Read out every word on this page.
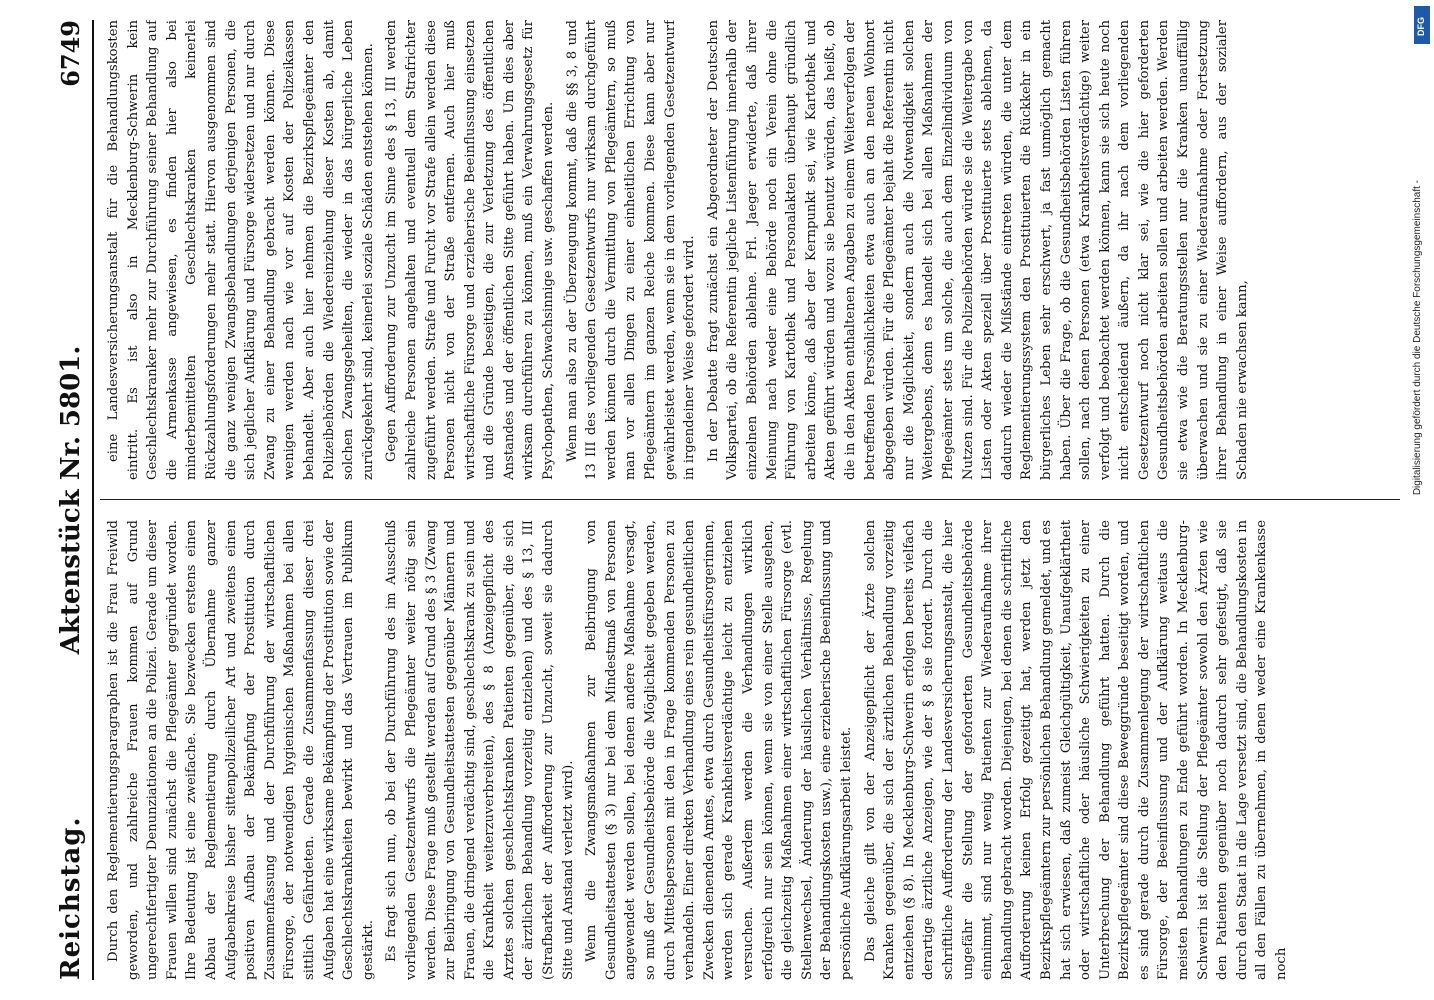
Reichstag.
Aktenstück Nr. 5801.
6749

Durch den Reglementierungsparagraphen ist die Frau Freiwild geworden, und zahlreiche Frauen kommen auf Grund ungerechtfertigter Denunziationen an die Polizei. Gerade um dieser Frauen willen sind zunächst die Pflegeämter gegründet worden. Ihre Bedeutung ist eine zweifache. Sie bezwecken erstens einen Abbau der Reglementierung durch Übernahme ganzer Aufgabenkreise bisher sittenpolizeilicher Art und zweitens einen positiven Aufbau der Bekämpfung der Prostitution durch Zusammenfassung und der Durchführung der wirtschaftlichen Fürsorge, der notwendigen hygienischen Maßnahmen bei allen sittlich Gefährdeten. Gerade die Zusammenfassung dieser drei Aufgaben hat eine wirksame Bekämpfung der Prostitution sowie der Geschlechtskrankheiten bewirkt und das Vertrauen im Publikum gestärkt. Es fragt sich nun, ob bei der Durchführung des im Ausschuß vorliegenden Gesetzentwurfs die Pflegeämter weiter nötig sein werden. Diese Frage muß gestellt werden auf Grund des § 3 (Zwang zur Beibringung von Gesundheitsattesten gegenüber Männern und Frauen, die dringend verdächtig sind, geschlechtskrank zu sein und die Krankheit weiterzuverbreiten), des § 8 (Anzeigepflicht des Arztes solchen geschlechtskranken Patienten gegenüber, die sich der ärztlichen Behandlung vorzeitig entziehen) und des § 13, III (Strafbarkeit der Aufforderung zur Unzucht, soweit sie dadurch Sitte und Anstand verletzt wird). Wenn die Zwangsmaßnahmen zur Beibringung von Gesundheitsattesten (§ 3) nur bei dem Mindestmaß von Personen angewendet werden sollen, bei denen andere Maßnahme versagt, so muß der Gesundheitsbehörde die Möglichkeit gegeben werden, durch Mittelspersonen mit den in Frage kommenden Personen zu verhandeln. Einer direkten Verhandlung eines rein gesundheitlichen Zwecken dienenden Amtes, etwa durch Gesundheitsfürsorgerinnen, werden sich gerade Krankheitsverdächtige leicht zu entziehen versuchen. Außerdem werden die Verhandlungen wirklich erfolgreich nur sein können, wenn sie von einer Stelle ausgehen, die gleichzeitig Maßnahmen einer wirtschaftlichen Fürsorge (evtl. Stellenwechsel, Änderung der häuslichen Verhältnisse, Regelung der Behandlungskosten usw.), eine erzieherische Beeinflussung und persönliche Aufklärungsarbeit leistet. Das gleiche gilt von der Anzeigepflicht der Ärzte solchen Kranken gegenüber, die sich der ärztlichen Behandlung vorzeitig entziehen (§ 8). In Mecklenburg-Schwerin erfolgen bereits vielfach derartige ärztliche Anzeigen, wie der § 8 sie fordert. Durch die schriftliche Aufforderung der Landesversicherungsanstalt, die hier ungefähr die Stellung der geforderten Gesundheitsbehörde einnimmt, sind nur wenig Patienten zur Wiederaufnahme ihrer Behandlung gebracht worden. Diejenigen, bei denen die schriftliche Aufforderung keinen Erfolg gezeitigt hat, werden jetzt den Bezirkspflegeämtern zur persönlichen Behandlung gemeldet, und es hat sich erwiesen, daß zumeist Gleichgültigkeit, Unaufgeklärtheit oder wirtschaftliche oder häusliche Schwierigkeiten zu einer Unterbrechung der Behandlung geführt hatten. Durch die Bezirkspflegeämter sind diese Beweggründe beseitigt worden, und es sind gerade durch die Zusammenlegung der wirtschaftlichen Fürsorge, der Beeinflussung und der Aufklärung weitaus die meisten Behandlungen zu Ende geführt worden. In Mecklenburg-Schwerin ist die Stellung der Pflegeämter sowohl den Ärzten wie den Patienten gegenüber noch dadurch sehr gefestigt, daß sie durch den Staat in die Lage versetzt sind, die Behandlungskosten in all den Fällen zu übernehmen, in denen weder eine Krankenkasse noch

eine Landesversicherungsanstalt für die Behandlungskosten eintritt. Es ist also in Mecklenburg-Schwerin kein Geschlechtskranker mehr zur Durchführung seiner Behandlung auf die Armenkasse angewiesen, es finden hier also bei minderbemittelten Geschlechtskranken keinerlei Rückzahlungsforderungen mehr statt. Hiervon ausgenommen sind die ganz wenigen Zwangsbehandlungen derjenigen Personen, die sich jeglicher Aufklärung und Fürsorge widersetzen und nur durch Zwang zu einer Behandlung gebracht werden können. Diese wenigen werden nach wie vor auf Kosten der Polizeikassen behandelt. Aber auch hier nehmen die Bezirkspflegeämter den Polizeibehörden die Wiedereinziehung dieser Kosten ab, damit solchen Zwangsgeheilten, die wieder in das bürgerliche Leben zurückgekehrt sind, keinerlei soziale Schäden entstehen können. Gegen Aufforderung zur Unzucht im Sinne des § 13, III werden zahlreiche Personen angehalten und eventuell dem Strafrichter zugeführt werden. Strafe und Furcht vor Strafe allein werden diese Personen nicht von der Straße entfernen. Auch hier muß wirtschaftliche Fürsorge und erzieherische Beeinflussung einsetzen und die Gründe beseitigen, die zur Verletzung des öffentlichen Anstandes und der öffentlichen Sitte geführt haben. Um dies aber wirksam durchführen zu können, muß ein Verwahrungsgesetz für Psychopathen, Schwachsinnige usw. geschaffen werden. Wenn man also zu der Überzeugung kommt, daß die §§ 3, 8 und 13 III des vorliegenden Gesetzentwurfs nur wirksam durchgeführt werden können durch die Vermittlung von Pflegeämtern, so muß man vor allen Dingen zu einer einheitlichen Errichtung von Pflegeämtern im ganzen Reiche kommen. Diese kann aber nur gewährleistet werden, wenn sie in dem vorliegenden Gesetzentwurf in irgendeiner Weise gefordert wird. In der Debatte fragt zunächst ein Abgeordneter der Deutschen Volkspartei, ob die Referentin jegliche Listenführung innerhalb der einzelnen Behörden ablehne. Frl. Jaeger erwiderte, daß ihrer Meinung nach weder eine Behörde noch ein Verein ohne die Führung von Kartothek und Personalakten überhaupt gründlich arbeiten könne, daß aber der Kernpunkt sei, wie Kartothek und Akten geführt würden und wozu sie benutzt würden, das heißt, ob die in den Akten enthaltenen Angaben zu einem Weiterverfolgen der betreffenden Persönlichkeiten etwa auch an den neuen Wohnort abgegeben würden. Für die Pflegeämter bejaht die Referentin nicht nur die Möglichkeit, sondern auch die Notwendigkeit solchen Weitergebens, denn es handelt sich bei allen Maßnahmen der Pflegeämter stets um solche, die auch dem Einzelindividuum von Nutzen sind. Für die Polizeibehörden würde sie die Weitergabe von Listen oder Akten speziell über Prostituierte stets ablehnen, da dadurch wieder die Mißstände eintreten würden, die unter dem Reglementierungssystem den Prostituierten die Rückkehr in ein bürgerliches Leben sehr erschwert, ja fast unmöglich gemacht haben. Über die Frage, ob die Gesundheitsbehörden Listen führen sollen, nach denen Personen (etwa Krankheitsverdächtige) weiter verfolgt und beobachtet werden können, kann sie sich heute noch nicht entscheidend äußern, da ihr nach dem vorliegenden Gesetzentwurf noch nicht klar sei, wie die hier geforderten Gesundheitsbehörden arbeiten sollen und arbeiten werden. Werden sie etwa wie die Beratungsstellen nur die Kranken unauffällig überwachen und sie zu einer Wiederaufnahme oder Fortsetzung ihrer Behandlung in einer Weise auffordern, aus der sozialer Schaden nie erwachsen kann,	Digitalisierung gefördert durch die Deutsche Forschungsgemeinschaft -
DFG
